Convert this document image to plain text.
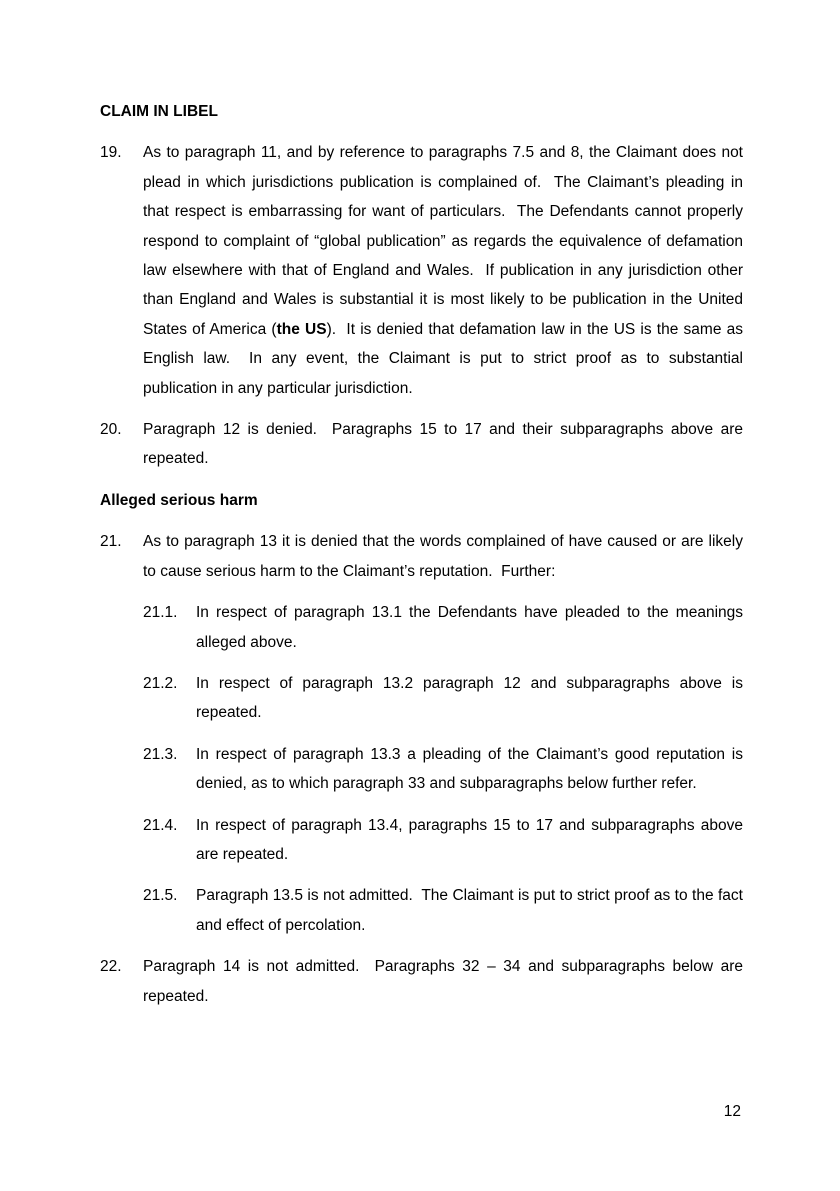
CLAIM IN LIBEL
19. As to paragraph 11, and by reference to paragraphs 7.5 and 8, the Claimant does not plead in which jurisdictions publication is complained of.  The Claimant’s pleading in that respect is embarrassing for want of particulars.  The Defendants cannot properly respond to complaint of “global publication” as regards the equivalence of defamation law elsewhere with that of England and Wales.  If publication in any jurisdiction other than England and Wales is substantial it is most likely to be publication in the United States of America (the US).  It is denied that defamation law in the US is the same as English law.  In any event, the Claimant is put to strict proof as to substantial publication in any particular jurisdiction.
20. Paragraph 12 is denied.  Paragraphs 15 to 17 and their subparagraphs above are repeated.
Alleged serious harm
21. As to paragraph 13 it is denied that the words complained of have caused or are likely to cause serious harm to the Claimant’s reputation.  Further:
21.1. In respect of paragraph 13.1 the Defendants have pleaded to the meanings alleged above.
21.2. In respect of paragraph 13.2 paragraph 12 and subparagraphs above is repeated.
21.3. In respect of paragraph 13.3 a pleading of the Claimant’s good reputation is denied, as to which paragraph 33 and subparagraphs below further refer.
21.4. In respect of paragraph 13.4, paragraphs 15 to 17 and subparagraphs above are repeated.
21.5. Paragraph 13.5 is not admitted.  The Claimant is put to strict proof as to the fact and effect of percolation.
22. Paragraph 14 is not admitted.  Paragraphs 32 – 34 and subparagraphs below are repeated.
12
